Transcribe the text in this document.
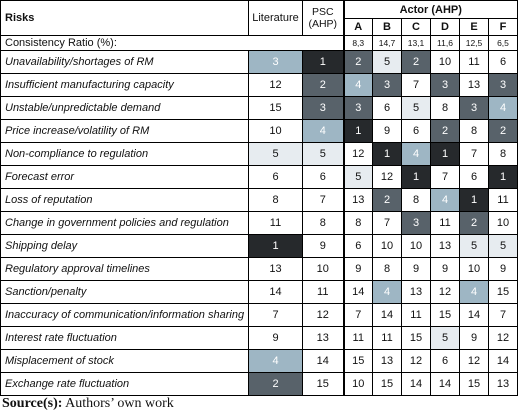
Risks	Literature	PSC
(AHP)	Actor (AHP)					
			A	B	C	D	E	F
Consistency Ratio (%):			8,3	14,7	13,1	11,6	12,5	6,5
Unavailability/shortages of RM	3	1	2	5	2	10	11	6
Insufficient manufacturing capacity	12	2	4	3	7	3	13	3
Unstable/unpredictable demand	15	3	3	6	5	8	3	4
Price increase/volatility of RM	10	4	1	9	6	2	8	2
Non-compliance to regulation	5	5	12	1	4	1	7	8
Forecast error	6	6	5	12	1	7	6	1
Loss of reputation	8	7	13	2	8	4	1	11
Change in government policies and regulation	11	8	8	7	3	11	2	10
Shipping delay	1	9	6	10	10	13	5	5
Regulatory approval timelines	13	10	9	8	9	9	10	9
Sanction/penalty	14	11	14	4	13	12	4	15
Inaccuracy of communication/information sharing	7	12	7	14	11	15	14	7
Interest rate fluctuation	9	13	11	11	15	5	9	12
Misplacement of stock	4	14	15	13	12	6	12	14
Exchange rate fluctuation	2	15	10	15	14	14	15	13
Source(s): Authors’ own work
